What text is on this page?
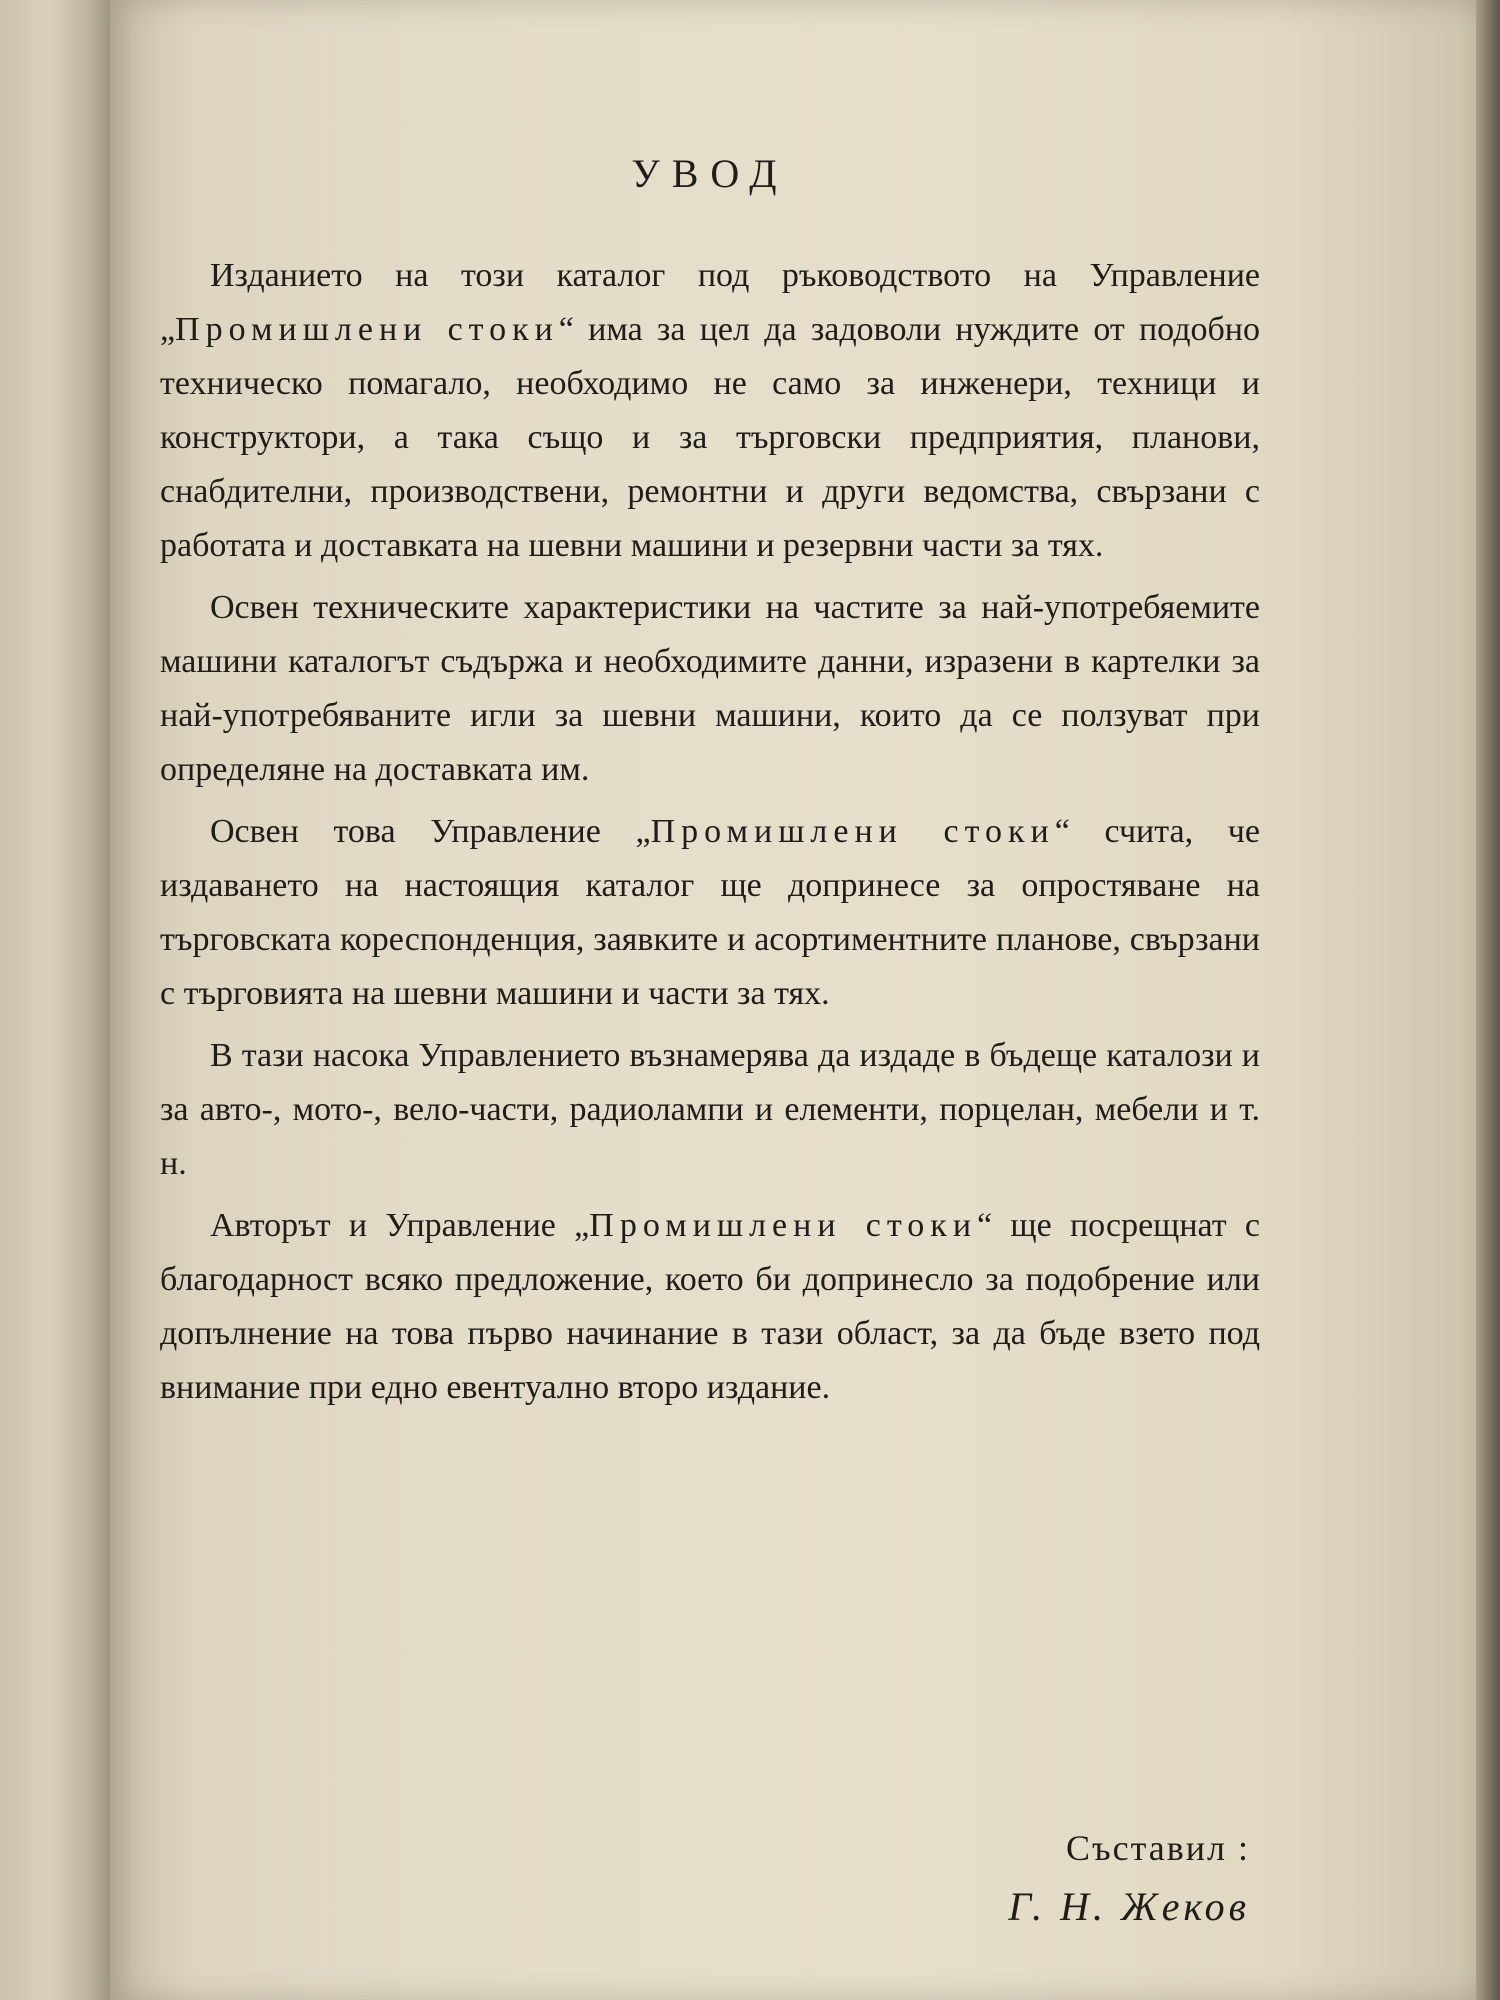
УВОД

Изданието на този каталог под ръководството на Управление „Промишлени стоки“ има за цел да задоволи нуждите от подобно техническо помагало, необходимо не само за инженери, техници и конструктори, а така също и за търговски предприятия, планови, снабдителни, производствени, ремонтни и други ведомства, свързани с работата и доставката на шевни машини и резервни части за тях.

Освен техническите характеристики на частите за най-употребяемите машини каталогът съдържа и необходимите данни, изразени в картелки за най-употребяваните игли за шевни машини, които да се ползуват при определяне на доставката им.

Освен това Управление „Промишлени стоки“ счита, че издаването на настоящия каталог ще допринесе за опростяване на търговската кореспонденция, заявките и асортиментните планове, свързани с търговията на шевни машини и части за тях.

В тази насока Управлението възнамерява да издаде в бъдеще каталози и за авто-, мото-, вело-части, радиолампи и елементи, порцелан, мебели и т. н.

Авторът и Управление „Промишлени стоки“ ще посрещнат с благодарност всяко предложение, което би допринесло за подобрение или допълнение на това първо начинание в тази област, за да бъде взето под внимание при едно евентуално второ издание.

Съставил :
Г. Н. Жеков
